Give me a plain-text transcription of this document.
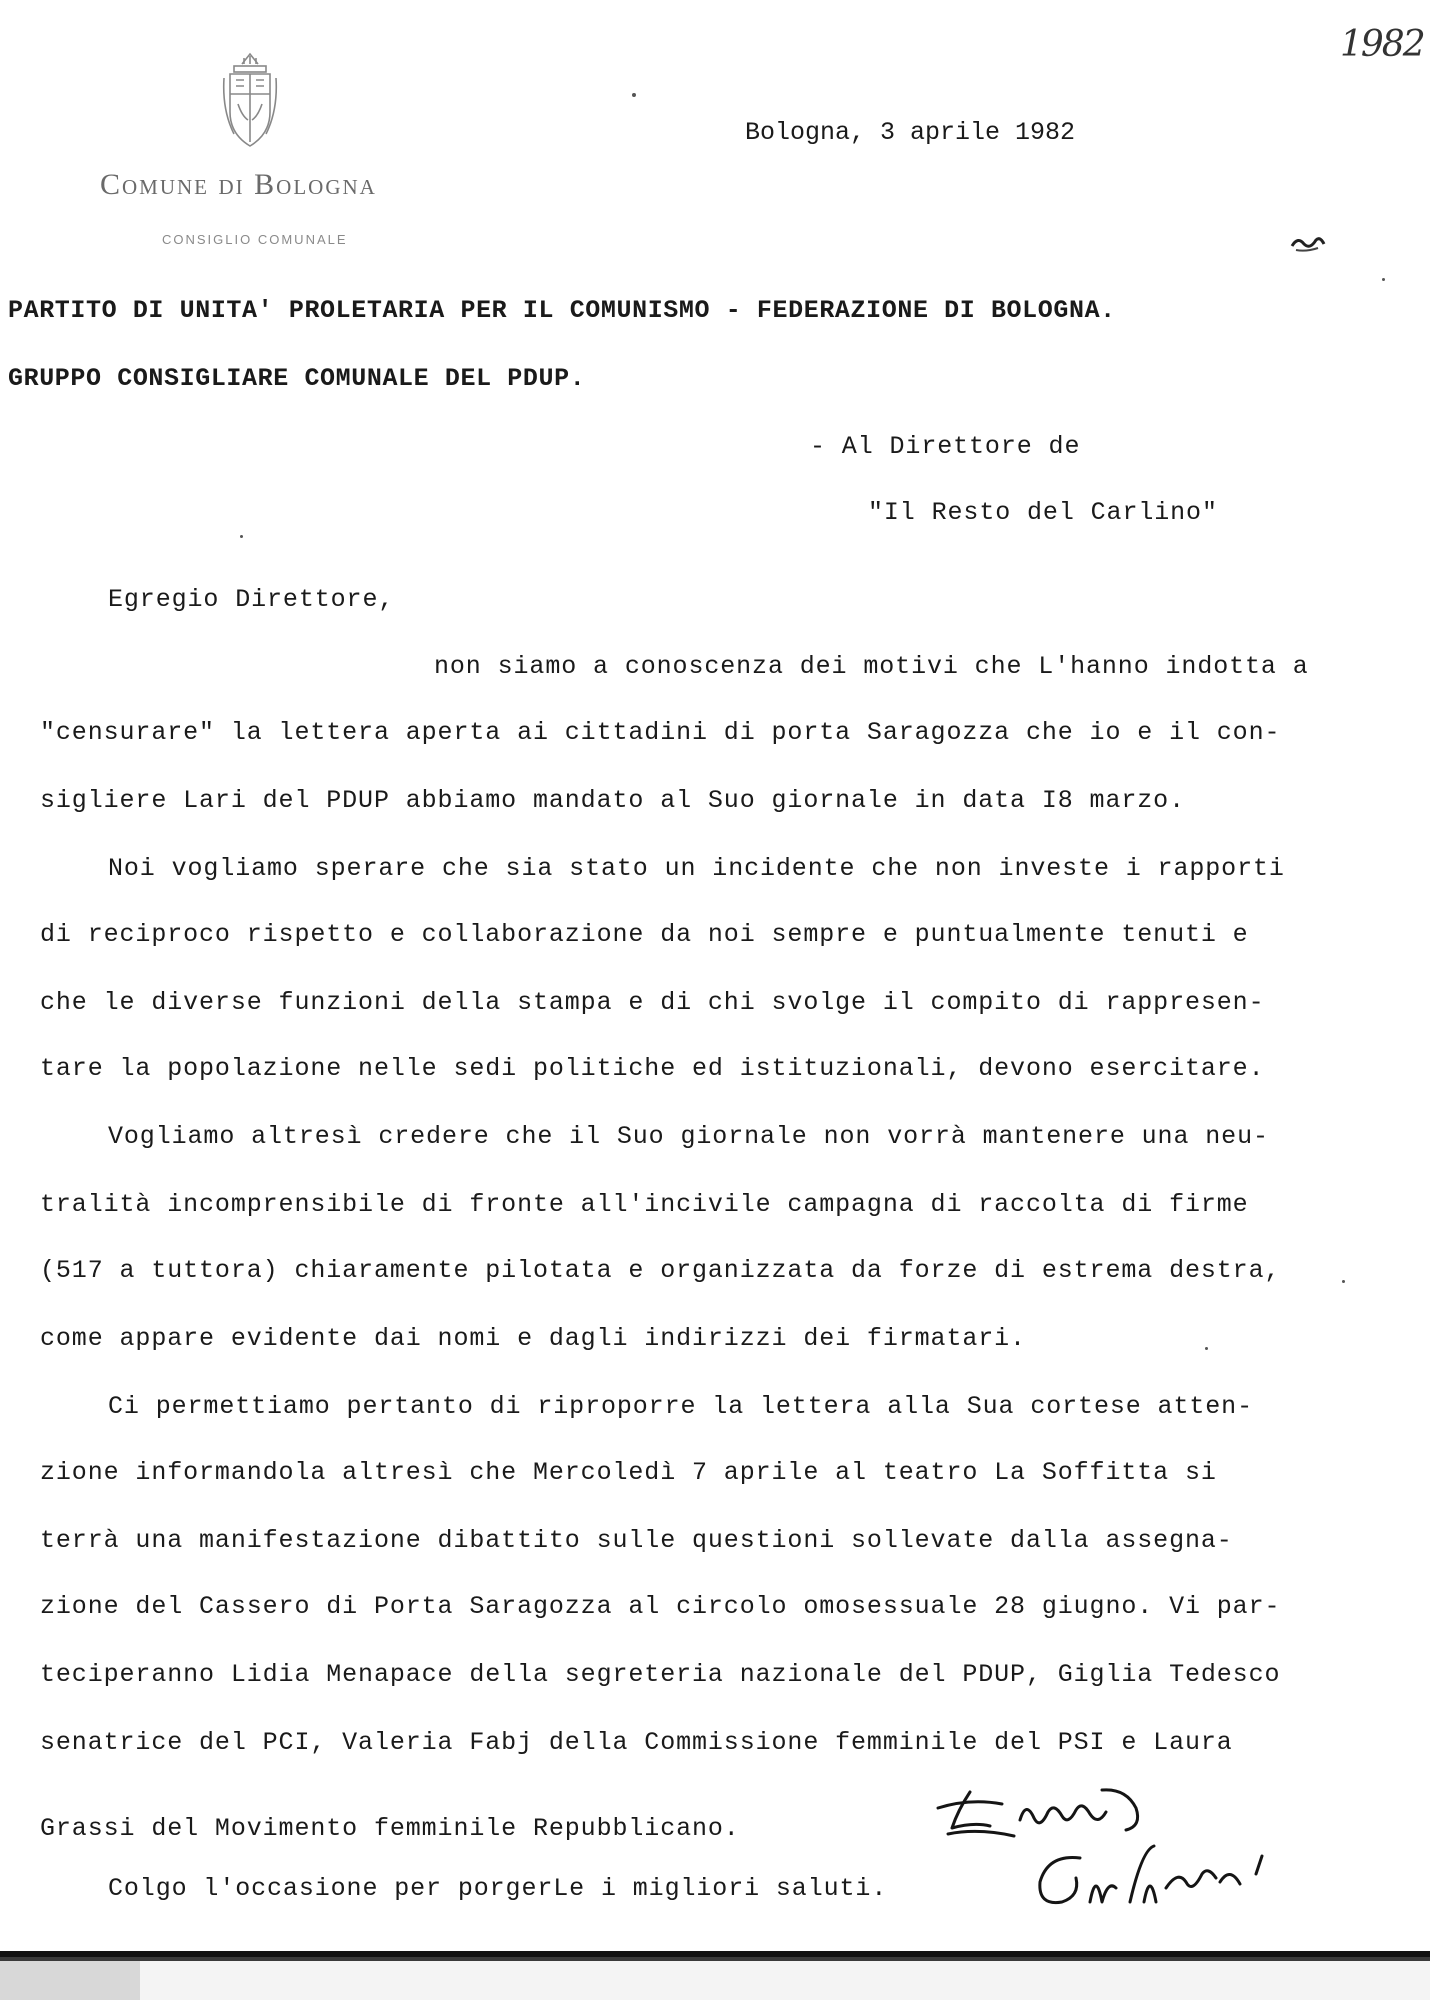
1982
Comune di Bologna
CONSIGLIO COMUNALE
Bologna, 3 aprile 1982
PARTITO DI UNITA' PROLETARIA PER IL COMUNISMO - FEDERAZIONE DI BOLOGNA.
GRUPPO CONSIGLIARE COMUNALE DEL PDUP.
- Al Direttore de
"Il Resto del Carlino"
Egregio Direttore,
non siamo a conoscenza dei motivi che L'hanno indotta a
"censurare" la lettera aperta ai cittadini di porta Saragozza che io e il con-
sigliere Lari del PDUP abbiamo mandato al Suo giornale in data I8 marzo.
Noi vogliamo sperare che sia stato un incidente che non investe i rapporti
di reciproco rispetto e collaborazione da noi sempre e puntualmente tenuti e
che le diverse funzioni della stampa e di chi svolge il compito di rappresen-
tare la popolazione nelle sedi politiche ed istituzionali, devono esercitare.
Vogliamo altresì credere che il Suo giornale non vorrà mantenere una neu-
tralità incomprensibile di fronte all'incivile campagna di raccolta di firme
(517 a tuttora) chiaramente pilotata e organizzata da forze di estrema destra,
come appare evidente dai nomi e dagli indirizzi dei firmatari.
Ci permettiamo pertanto di riproporre la lettera alla Sua cortese atten-
zione informandola altresì che Mercoledì 7 aprile al teatro La Soffitta si
terrà una manifestazione dibattito sulle questioni sollevate dalla assegna-
zione del Cassero di Porta Saragozza al circolo omosessuale 28 giugno. Vi par-
teciperanno Lidia Menapace della segreteria nazionale del PDUP, Giglia Tedesco
senatrice del PCI, Valeria Fabj della Commissione femminile del PSI e Laura
Grassi del Movimento femminile Repubblicano.
Colgo l'occasione per porgerLe i migliori saluti.
